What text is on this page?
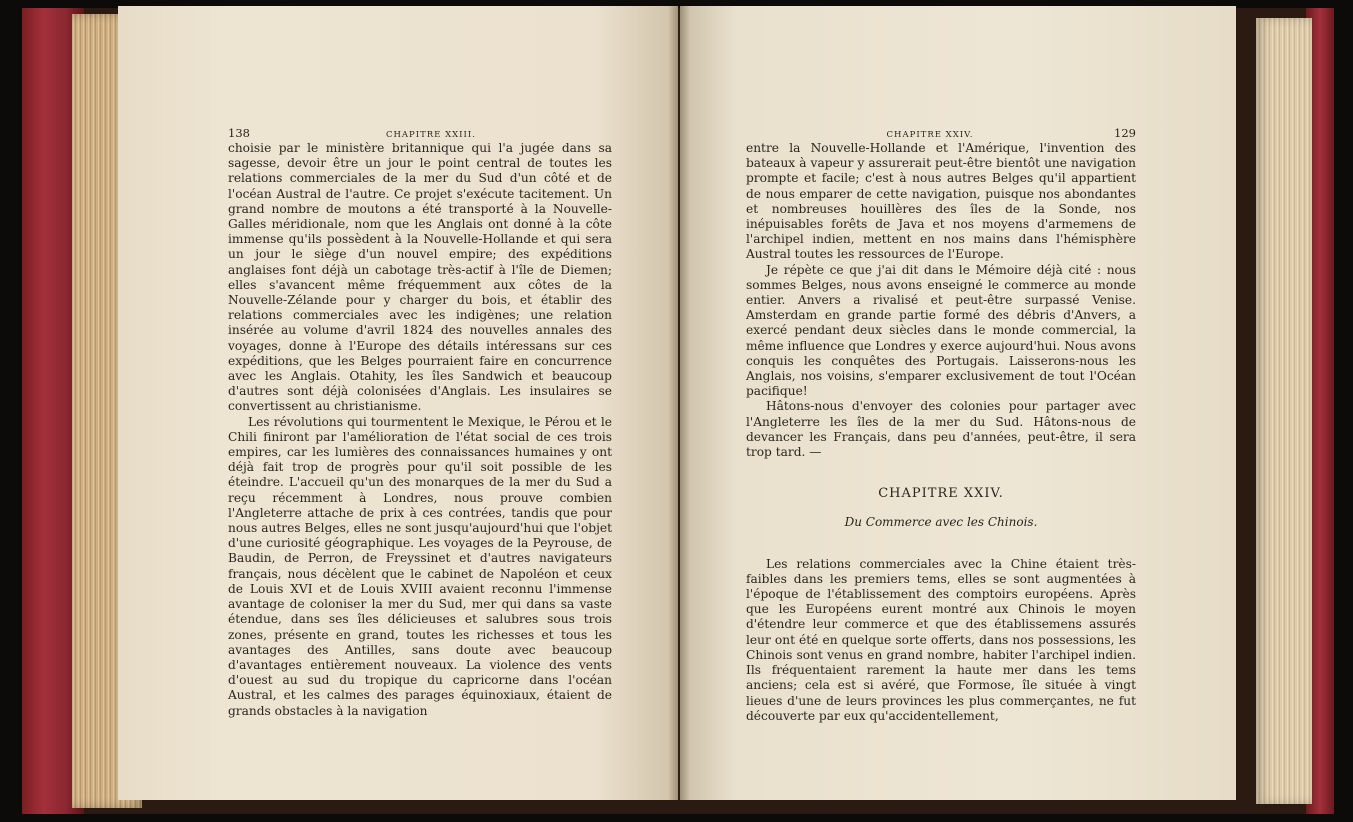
138	CHAPITRE XXIII.

choisie par le ministère britannique qui l'a jugée dans sa sagesse, devoir être un jour le point central de toutes les relations commerciales de la mer du Sud d'un côté et de l'océan Austral de l'autre. Ce projet s'exécute tacitement. Un grand nombre de moutons a été transporté à la Nouvelle-Galles méridionale, nom que les Anglais ont donné à la côte immense qu'ils possèdent à la Nouvelle-Hollande et qui sera un jour le siège d'un nouvel empire; des expéditions anglaises font déjà un cabotage très-actif à l'île de Diemen; elles s'avancent même fréquemment aux côtes de la Nouvelle-Zélande pour y charger du bois, et établir des relations commerciales avec les indigènes; une relation insérée au volume d'avril 1824 des nouvelles annales des voyages, donne à l'Europe des détails intéressans sur ces expéditions, que les Belges pourraient faire en concurrence avec les Anglais. Otahity, les îles Sandwich et beaucoup d'autres sont déjà colonisées d'Anglais. Les insulaires se convertissent au christianisme.

Les révolutions qui tourmentent le Mexique, le Pérou et le Chili finiront par l'amélioration de l'état social de ces trois empires, car les lumières des connaissances humaines y ont déjà fait trop de progrès pour qu'il soit possible de les éteindre. L'accueil qu'un des monarques de la mer du Sud a reçu récemment à Londres, nous prouve combien l'Angleterre attache de prix à ces contrées, tandis que pour nous autres Belges, elles ne sont jusqu'aujourd'hui que l'objet d'une curiosité géographique. Les voyages de la Peyrouse, de Baudin, de Perron, de Freyssinet et d'autres navigateurs français, nous décèlent que le cabinet de Napoléon et ceux de Louis XVI et de Louis XVIII avaient reconnu l'immense avantage de coloniser la mer du Sud, mer qui dans sa vaste étendue, dans ses îles délicieuses et salubres sous trois zones, présente en grand, toutes les richesses et tous les avantages des Antilles, sans doute avec beaucoup d'avantages entièrement nouveaux. La violence des vents d'ouest au sud du tropique du capricorne dans l'océan Austral, et les calmes des parages équinoxiaux, étaient de grands obstacles à la navigation

CHAPITRE XXIV.	129

entre la Nouvelle-Hollande et l'Amérique, l'invention des bateaux à vapeur y assurerait peut-être bientôt une navigation prompte et facile; c'est à nous autres Belges qu'il appartient de nous emparer de cette navigation, puisque nos abondantes et nombreuses houillères des îles de la Sonde, nos inépuisables forêts de Java et nos moyens d'armemens de l'archipel indien, mettent en nos mains dans l'hémisphère Austral toutes les ressources de l'Europe.

Je répète ce que j'ai dit dans le Mémoire déjà cité : nous sommes Belges, nous avons enseigné le commerce au monde entier. Anvers a rivalisé et peut-être surpassé Venise. Amsterdam en grande partie formé des débris d'Anvers, a exercé pendant deux siècles dans le monde commercial, la même influence que Londres y exerce aujourd'hui. Nous avons conquis les conquêtes des Portugais. Laisserons-nous les Anglais, nos voisins, s'emparer exclusivement de tout l'Océan pacifique!

Hâtons-nous d'envoyer des colonies pour partager avec l'Angleterre les îles de la mer du Sud. Hâtons-nous de devancer les Français, dans peu d'années, peut-être, il sera trop tard. —

CHAPITRE XXIV.
Du Commerce avec les Chinois.

Les relations commerciales avec la Chine étaient très-faibles dans les premiers tems, elles se sont augmentées à l'époque de l'établissement des comptoirs européens. Après que les Européens eurent montré aux Chinois le moyen d'étendre leur commerce et que des établissemens assurés leur ont été en quelque sorte offerts, dans nos possessions, les Chinois sont venus en grand nombre, habiter l'archipel indien. Ils fréquentaient rarement la haute mer dans les tems anciens; cela est si avéré, que Formose, île située à vingt lieues d'une de leurs provinces les plus commerçantes, ne fut découverte par eux qu'accidentellement,
